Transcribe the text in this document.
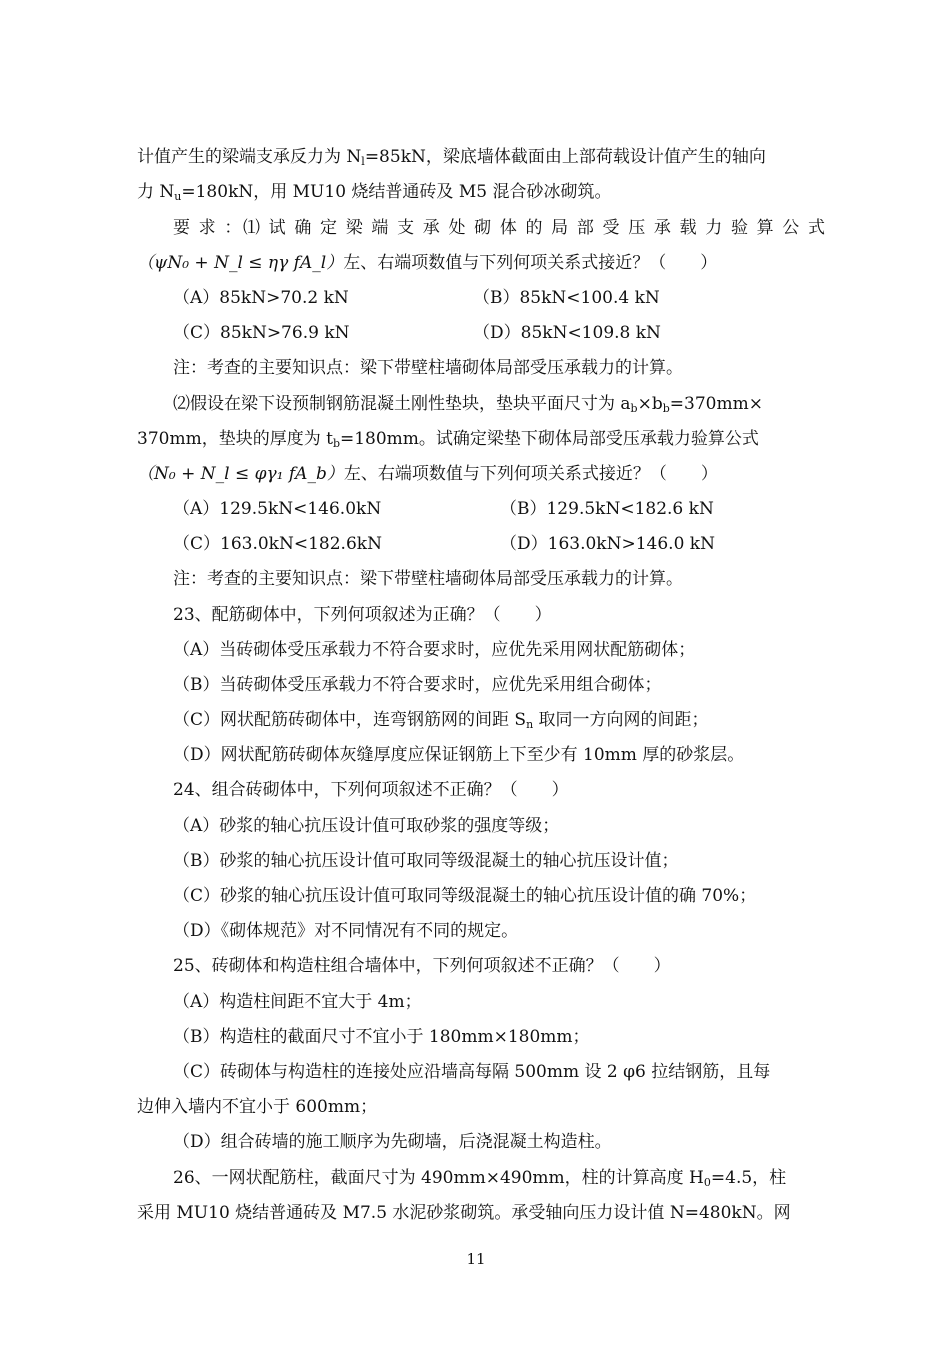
计值产生的梁端支承反力为 $N_l=85kN$，梁底墙体截面由上部荷载设计值产生的轴向
力 $N_u=180kN$，用 MU10 烧结普通砖及 M5 混合砂冰砌筑。
要 求 ：⑴ 试 确 定 梁 端 支 承 处 砌 体 的 局 部 受 压 承 载 力 验 算 公 式
（ψN₀ + N_l ≤ ηγ fA_l）左、右端项数值与下列何项关系式接近？（　　）
（A）85kN>70.2 kN	（B）85kN<100.4 kN
（C）85kN>76.9 kN	（D）85kN<109.8 kN
注：考查的主要知识点：梁下带壁柱墙砌体局部受压承载力的计算。
⑵假设在梁下设预制钢筋混凝土刚性垫块，垫块平面尺寸为 $a_b\times b_b=370mm\times$
370mm，垫块的厚度为 $t_b=180mm$。试确定梁垫下砌体局部受压承载力验算公式
（N₀ + N_l ≤ φγ₁ fA_b）左、右端项数值与下列何项关系式接近？（　　）
（A）129.5kN<146.0kN	（B）129.5kN<182.6 kN
（C）163.0kN<182.6kN	（D）163.0kN>146.0 kN
注：考查的主要知识点：梁下带壁柱墙砌体局部受压承载力的计算。
23、配筋砌体中，下列何项叙述为正确？（　　）
（A）当砖砌体受压承载力不符合要求时，应优先采用网状配筋砌体；
（B）当砖砌体受压承载力不符合要求时，应优先采用组合砌体；
（C）网状配筋砖砌体中，连弯钢筋网的间距 $S_n$ 取同一方向网的间距；
（D）网状配筋砖砌体灰缝厚度应保证钢筋上下至少有 10mm 厚的砂浆层。
24、组合砖砌体中，下列何项叙述不正确？（　　）
（A）砂浆的轴心抗压设计值可取砂浆的强度等级；
（B）砂浆的轴心抗压设计值可取同等级混凝土的轴心抗压设计值；
（C）砂浆的轴心抗压设计值可取同等级混凝土的轴心抗压设计值的确 70%；
（D）《砌体规范》对不同情况有不同的规定。
25、砖砌体和构造柱组合墙体中，下列何项叙述不正确？（　　）
（A）构造柱间距不宜大于 4m；
（B）构造柱的截面尺寸不宜小于 180mm×180mm；
（C）砖砌体与构造柱的连接处应沿墙高每隔 500mm 设 2 φ6 拉结钢筋，且每
边伸入墙内不宜小于 600mm；
（D）组合砖墙的施工顺序为先砌墙，后浇混凝土构造柱。
26、一网状配筋柱，截面尺寸为 490mm×490mm，柱的计算高度 $H_0=4.5$，柱
采用 MU10 烧结普通砖及 M7.5 水泥砂浆砌筑。承受轴向压力设计值 N=480kN。网
11
